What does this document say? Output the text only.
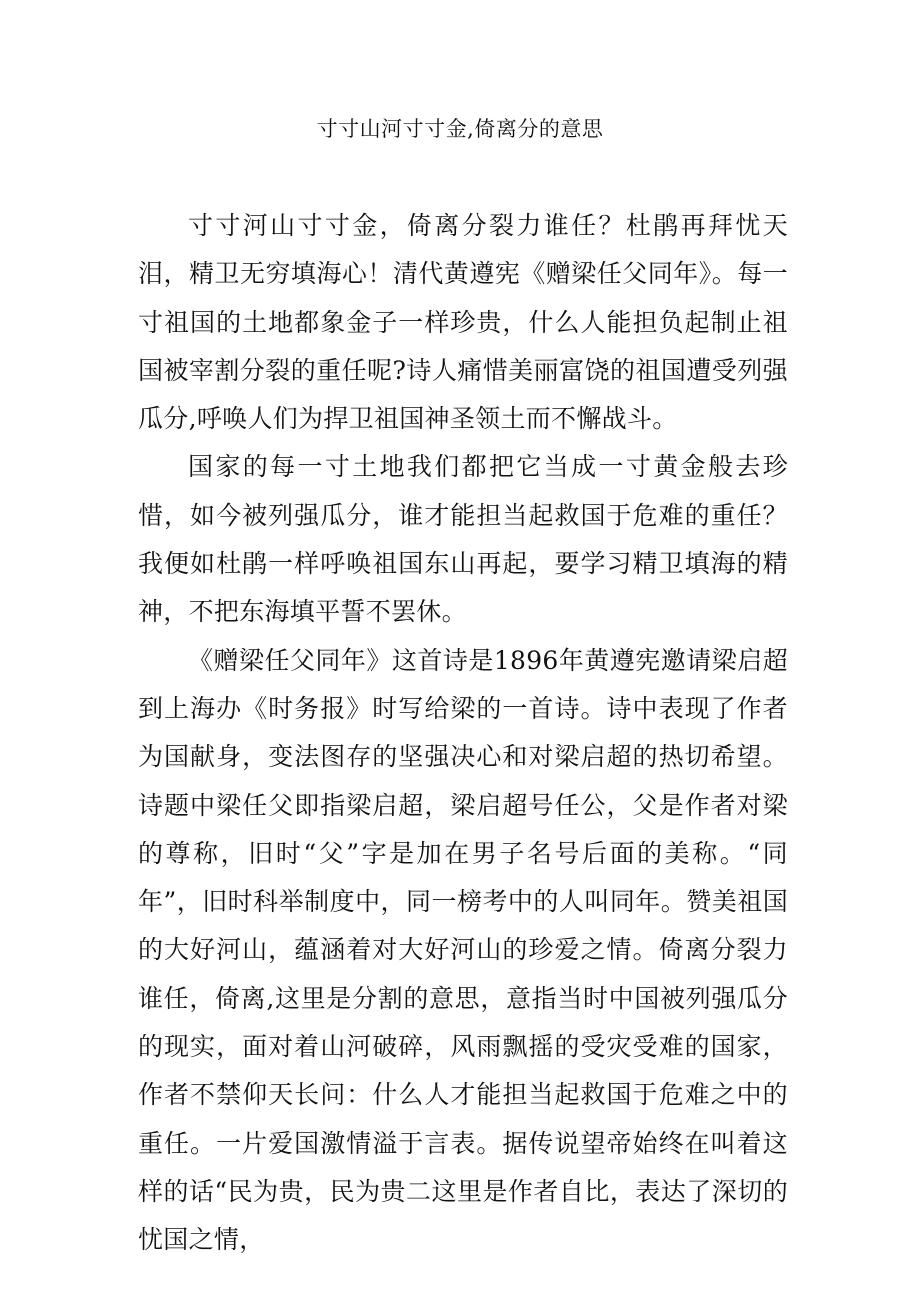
寸寸山河寸寸金,倚离分的意思

寸寸河山寸寸金，倚离分裂力谁任？杜鹃再拜忧天泪，精卫无穷填海心！清代黄遵宪《赠梁任父同年》。每一寸祖国的土地都象金子一样珍贵，什么人能担负起制止祖国被宰割分裂的重任呢?诗人痛惜美丽富饶的祖国遭受列强瓜分,呼唤人们为捍卫祖国神圣领土而不懈战斗。

国家的每一寸土地我们都把它当成一寸黄金般去珍惜，如今被列强瓜分，谁才能担当起救国于危难的重任？我便如杜鹃一样呼唤祖国东山再起，要学习精卫填海的精神，不把东海填平誓不罢休。

《赠梁任父同年》这首诗是1896年黄遵宪邀请梁启超到上海办《时务报》时写给梁的一首诗。诗中表现了作者为国献身，变法图存的坚强决心和对梁启超的热切希望。诗题中梁任父即指梁启超，梁启超号任公，父是作者对梁的尊称，旧时“父”字是加在男子名号后面的美称。“同年”，旧时科举制度中，同一榜考中的人叫同年。赞美祖国的大好河山，蕴涵着对大好河山的珍爱之情。倚离分裂力谁任，倚离,这里是分割的意思，意指当时中国被列强瓜分的现实，面对着山河破碎，风雨飘摇的受灾受难的国家，作者不禁仰天长问：什么人才能担当起救国于危难之中的重任。一片爱国激情溢于言表。据传说望帝始终在叫着这样的话“民为贵，民为贵二这里是作者自比，表达了深切的忧国之情，
